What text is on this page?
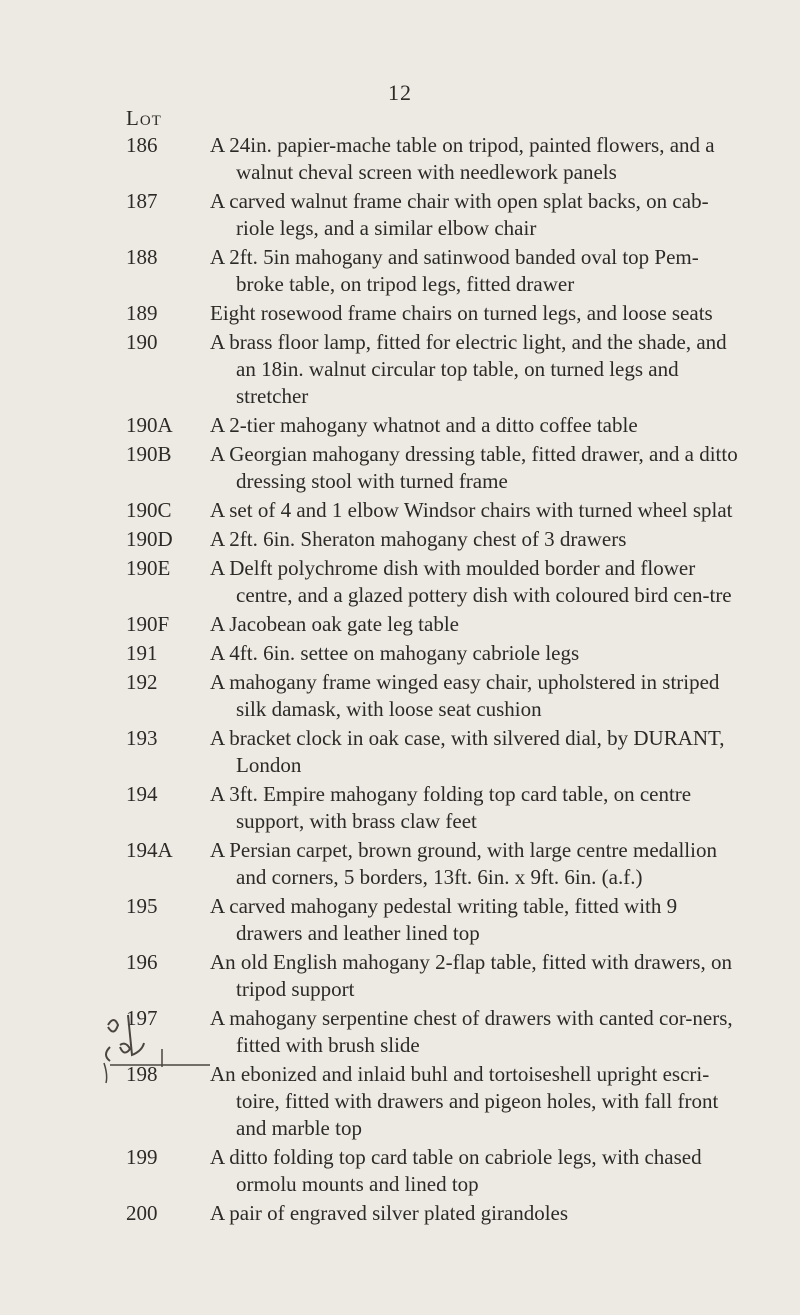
12
Lot
186	A 24in. papier-mache table on tripod, painted flowers, and a walnut cheval screen with needlework panels
187	A carved walnut frame chair with open splat backs, on cab-riole legs, and a similar elbow chair
188	A 2ft. 5in mahogany and satinwood banded oval top Pem-broke table, on tripod legs, fitted drawer
189	Eight rosewood frame chairs on turned legs, and loose seats
190	A brass floor lamp, fitted for electric light, and the shade, and an 18in. walnut circular top table, on turned legs and stretcher
190A	A 2-tier mahogany whatnot and a ditto coffee table
190B	A Georgian mahogany dressing table, fitted drawer, and a ditto dressing stool with turned frame
190C	A set of 4 and 1 elbow Windsor chairs with turned wheel splat
190D	A 2ft. 6in. Sheraton mahogany chest of 3 drawers
190E	A Delft polychrome dish with moulded border and flower centre, and a glazed pottery dish with coloured bird cen-tre
190F	A Jacobean oak gate leg table
191	A 4ft. 6in. settee on mahogany cabriole legs
192	A mahogany frame winged easy chair, upholstered in striped silk damask, with loose seat cushion
193	A bracket clock in oak case, with silvered dial, by DURANT, London
194	A 3ft. Empire mahogany folding top card table, on centre support, with brass claw feet
194A	A Persian carpet, brown ground, with large centre medallion and corners, 5 borders, 13ft. 6in. x 9ft. 6in. (a.f.)
195	A carved mahogany pedestal writing table, fitted with 9 drawers and leather lined top
196	An old English mahogany 2-flap table, fitted with drawers, on tripod support
197	A mahogany serpentine chest of drawers with canted cor-ners, fitted with brush slide
198	An ebonized and inlaid buhl and tortoiseshell upright escri-toire, fitted with drawers and pigeon holes, with fall front and marble top
199	A ditto folding top card table on cabriole legs, with chased ormolu mounts and lined top
200	A pair of engraved silver plated girandoles
